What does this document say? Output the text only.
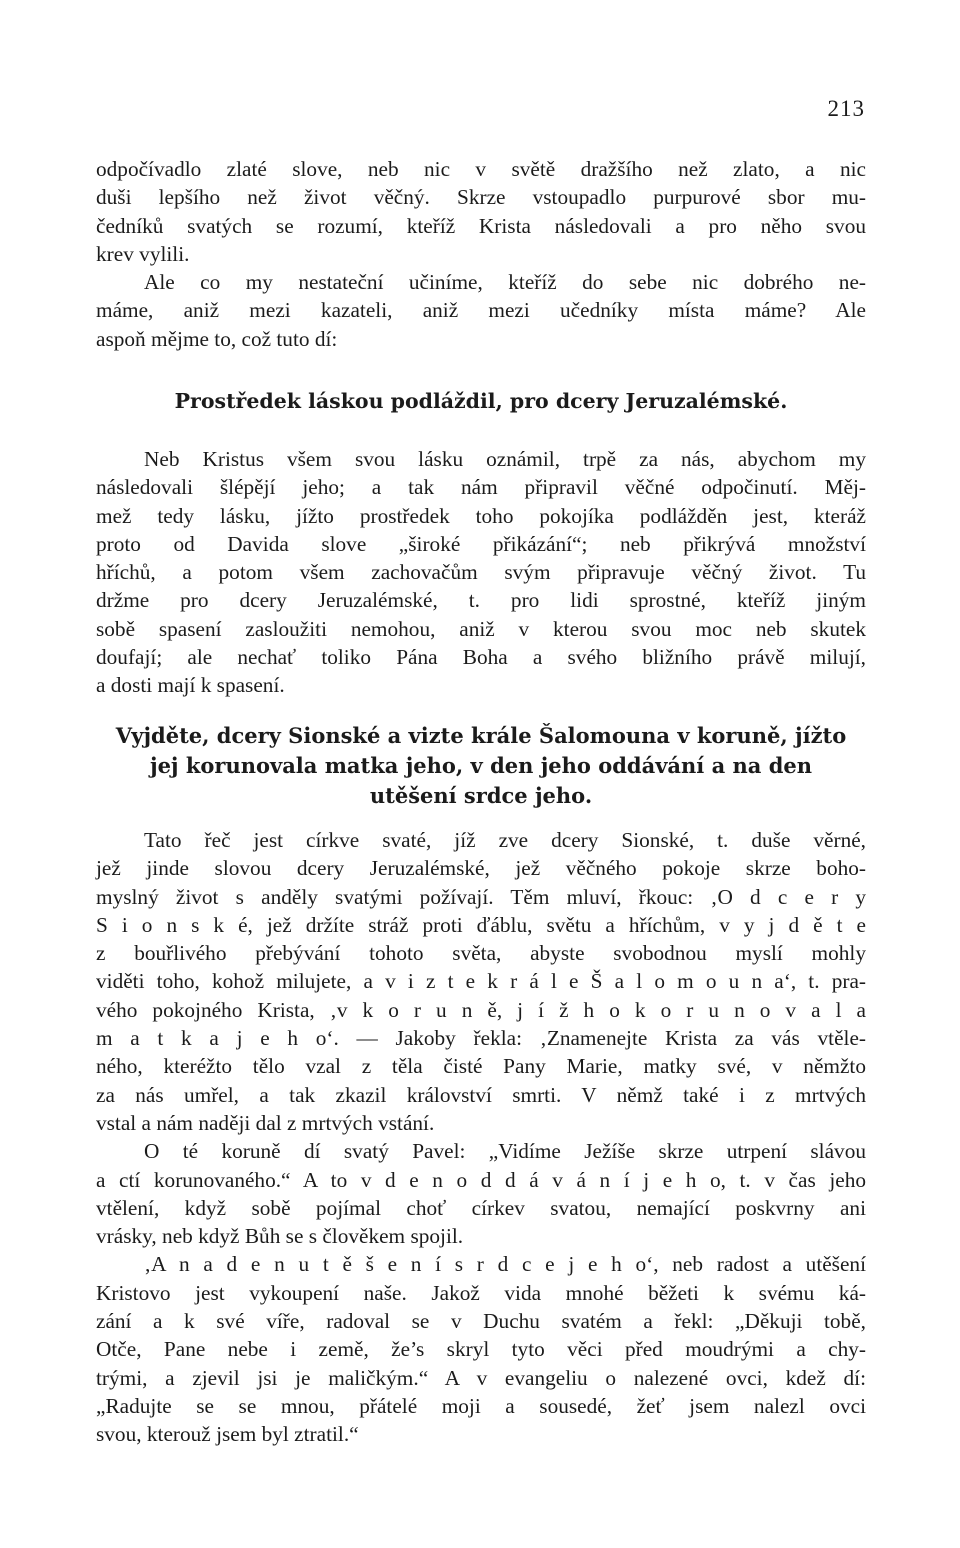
213
odpočívadlo zlaté slove, neb nic v světě dražšího než zlato, a nic
duši lepšího než život věčný. Skrze vstoupadlo purpurové sbor mu-
čedníků svatých se rozumí, kteříž Krista následovali a pro něho svou
krev vylili.
Ale co my nestateční učiníme, kteříž do sebe nic dobrého ne-
máme, aniž mezi kazateli, aniž mezi učedníky místa máme? Ale
aspoň mějme to, což tuto dí:
Prostředek láskou podláždil, pro dcery Jeruzalémské.
Neb Kristus všem svou lásku oznámil, trpě za nás, abychom my
následovali šlépějí jeho; a tak nám připravil věčné odpočinutí. Měj-
mež tedy lásku, jížto prostředek toho pokojíka podlážděn jest, kteráž
proto od Davida slove „široké přikázání“; neb přikrývá množství
hříchů, a potom všem zachovačům svým připravuje věčný život. Tu
držme pro dcery Jeruzalémské, t. pro lidi sprostné, kteříž jiným
sobě spasení zasloužiti nemohou, aniž v kterou svou moc neb skutek
doufají; ale nechať toliko Pána Boha a svého bližního právě milují,
a dosti mají k spasení.
Vyjděte, dcery Sionské a vizte krále Šalomouna v koruně, jížto
jej korunovala matka jeho, v den jeho oddávání a na den
utěšení srdce jeho.
Tato řeč jest církve svaté, jíž zve dcery Sionské, t. duše věrné,
jež jinde slovou dcery Jeruzalémské, jež věčného pokoje skrze boho-
myslný život s anděly svatými požívají. Těm mluví, řkouc: ‚O d c e r y
S i o n s k é, jež držíte stráž proti ďáblu, světu a hříchům, v y j d ě t e
z bouřlivého přebývání tohoto světa, abyste svobodnou myslí mohly
viděti toho, kohož milujete, a v i z t e k r á l e Š a l o m o u n a‘, t. pra-
vého pokojného Krista, ‚v k o r u n ě, j í ž h o k o r u n o v a l a
m a t k a j e h o‘. — Jakoby řekla: ‚Znamenejte Krista za vás vtěle-
ného, kteréžto tělo vzal z těla čisté Pany Marie, matky své, v němžto
za nás umřel, a tak zkazil království smrti. V němž také i z mrtvých
vstal a nám naději dal z mrtvých vstání.
O té koruně dí svatý Pavel: „Vidíme Ježíše skrze utrpení slávou
a ctí korunovaného.“ A to v d e n o d d á v á n í j e h o, t. v čas jeho
vtělení, když sobě pojímal choť církev svatou, nemající poskvrny ani
vrásky, neb když Bůh se s člověkem spojil.
‚A n a d e n u t ě š e n í s r d c e j e h o‘, neb radost a utěšení
Kristovo jest vykoupení naše. Jakož vida mnohé běžeti k svému ká-
zání a k své víře, radoval se v Duchu svatém a řekl: „Děkuji tobě,
Otče, Pane nebe i země, že’s skryl tyto věci před moudrými a chy-
trými, a zjevil jsi je maličkým.“ A v evangeliu o nalezené ovci, kdež dí:
„Radujte se se mnou, přátelé moji a sousedé, žeť jsem nalezl ovci
svou, kterouž jsem byl ztratil.“
